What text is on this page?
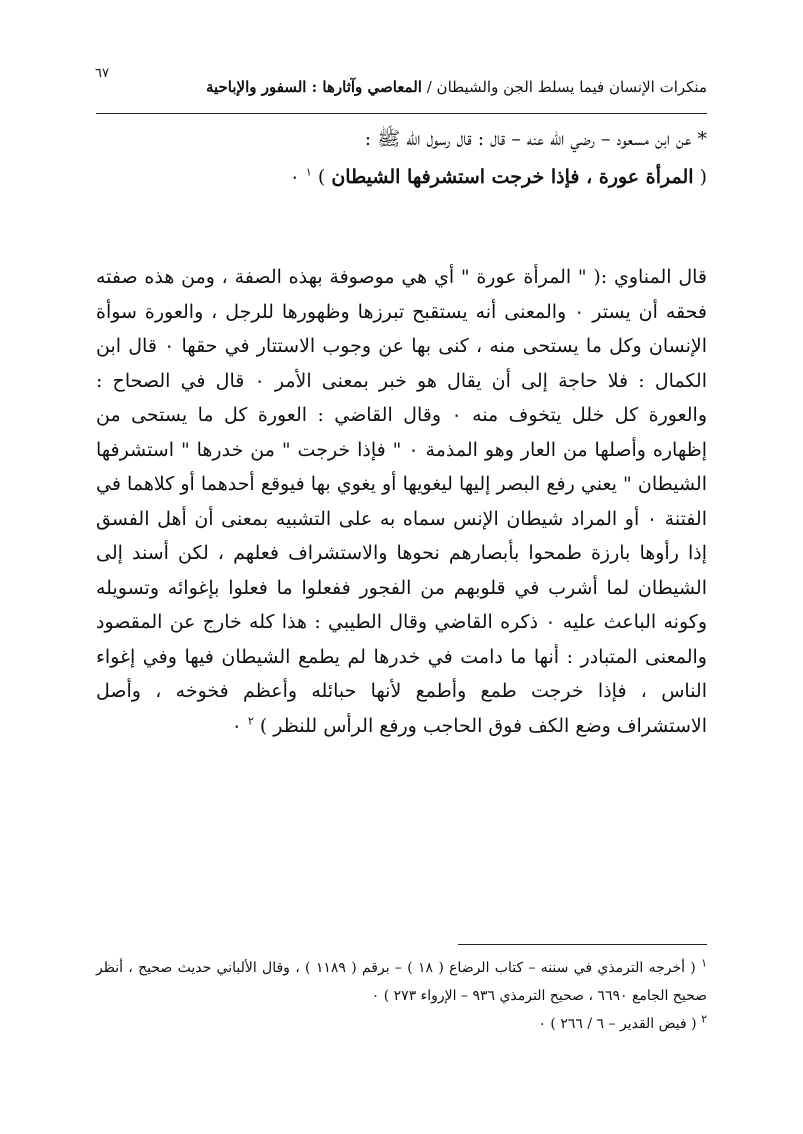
٦٧
منكرات الإنسان فيما يسلط الجن والشيطان / المعاصي وآثارها : السفور والإباحية
* عن ابن مسعود – رضي الله عنه – قال : قال رسول الله ﷺ :
( المرأة عورة ، فإذا خرجت استشرفها الشيطان ) $^١$ ٠
قال المناوي :( " المرأة عورة " أي هي موصوفة بهذه الصفة ، ومن هذه صفته فحقه أن يستر ٠ والمعنى أنه يستقبح تبرزها وظهورها للرجل ، والعورة سوأة الإنسان وكل ما يستحى منه ، كنى بها عن وجوب الاستتار في حقها ٠ قال ابن الكمال : فلا حاجة إلى أن يقال هو خبر بمعنى الأمر ٠ قال في الصحاح : والعورة كل خلل يتخوف منه ٠ وقال القاضي : العورة كل ما يستحى من إظهاره وأصلها من العار وهو المذمة ٠ " فإذا خرجت " من خدرها " استشرفها الشيطان " يعني رفع البصر إليها ليغويها أو يغوي بها فيوقع أحدهما أو كلاهما في الفتنة ٠ أو المراد شيطان الإنس سماه به على التشبيه بمعنى أن أهل الفسق إذا رأوها بارزة طمحوا بأبصارهم نحوها والاستشراف فعلهم ، لكن أسند إلى الشيطان لما أشرب في قلوبهم من الفجور ففعلوا ما فعلوا بإغوائه وتسويله وكونه الباعث عليه ٠ ذكره القاضي وقال الطيبي : هذا كله خارج عن المقصود والمعنى المتبادر : أنها ما دامت في خدرها لم يطمع الشيطان فيها وفي إغواء الناس ، فإذا خرجت طمع وأطمع لأنها حبائله وأعظم فخوخه ، وأصل الاستشراف وضع الكف فوق الحاجب ورفع الرأس للنظر ) $^٢$ ٠

$^١$ ( أخرجه الترمذي في سننه – كتاب الرضاع ( ١٨ ) – برقم ( ١١٨٩ ) ، وقال الألباني حديث صحيح ، أنظر صحيح الجامع ٦٦٩٠ ، صحيح الترمذي ٩٣٦ – الإرواء ٢٧٣ ) ٠

$^٢$ ( فيض القدير – ٦ / ٢٦٦ ) ٠
